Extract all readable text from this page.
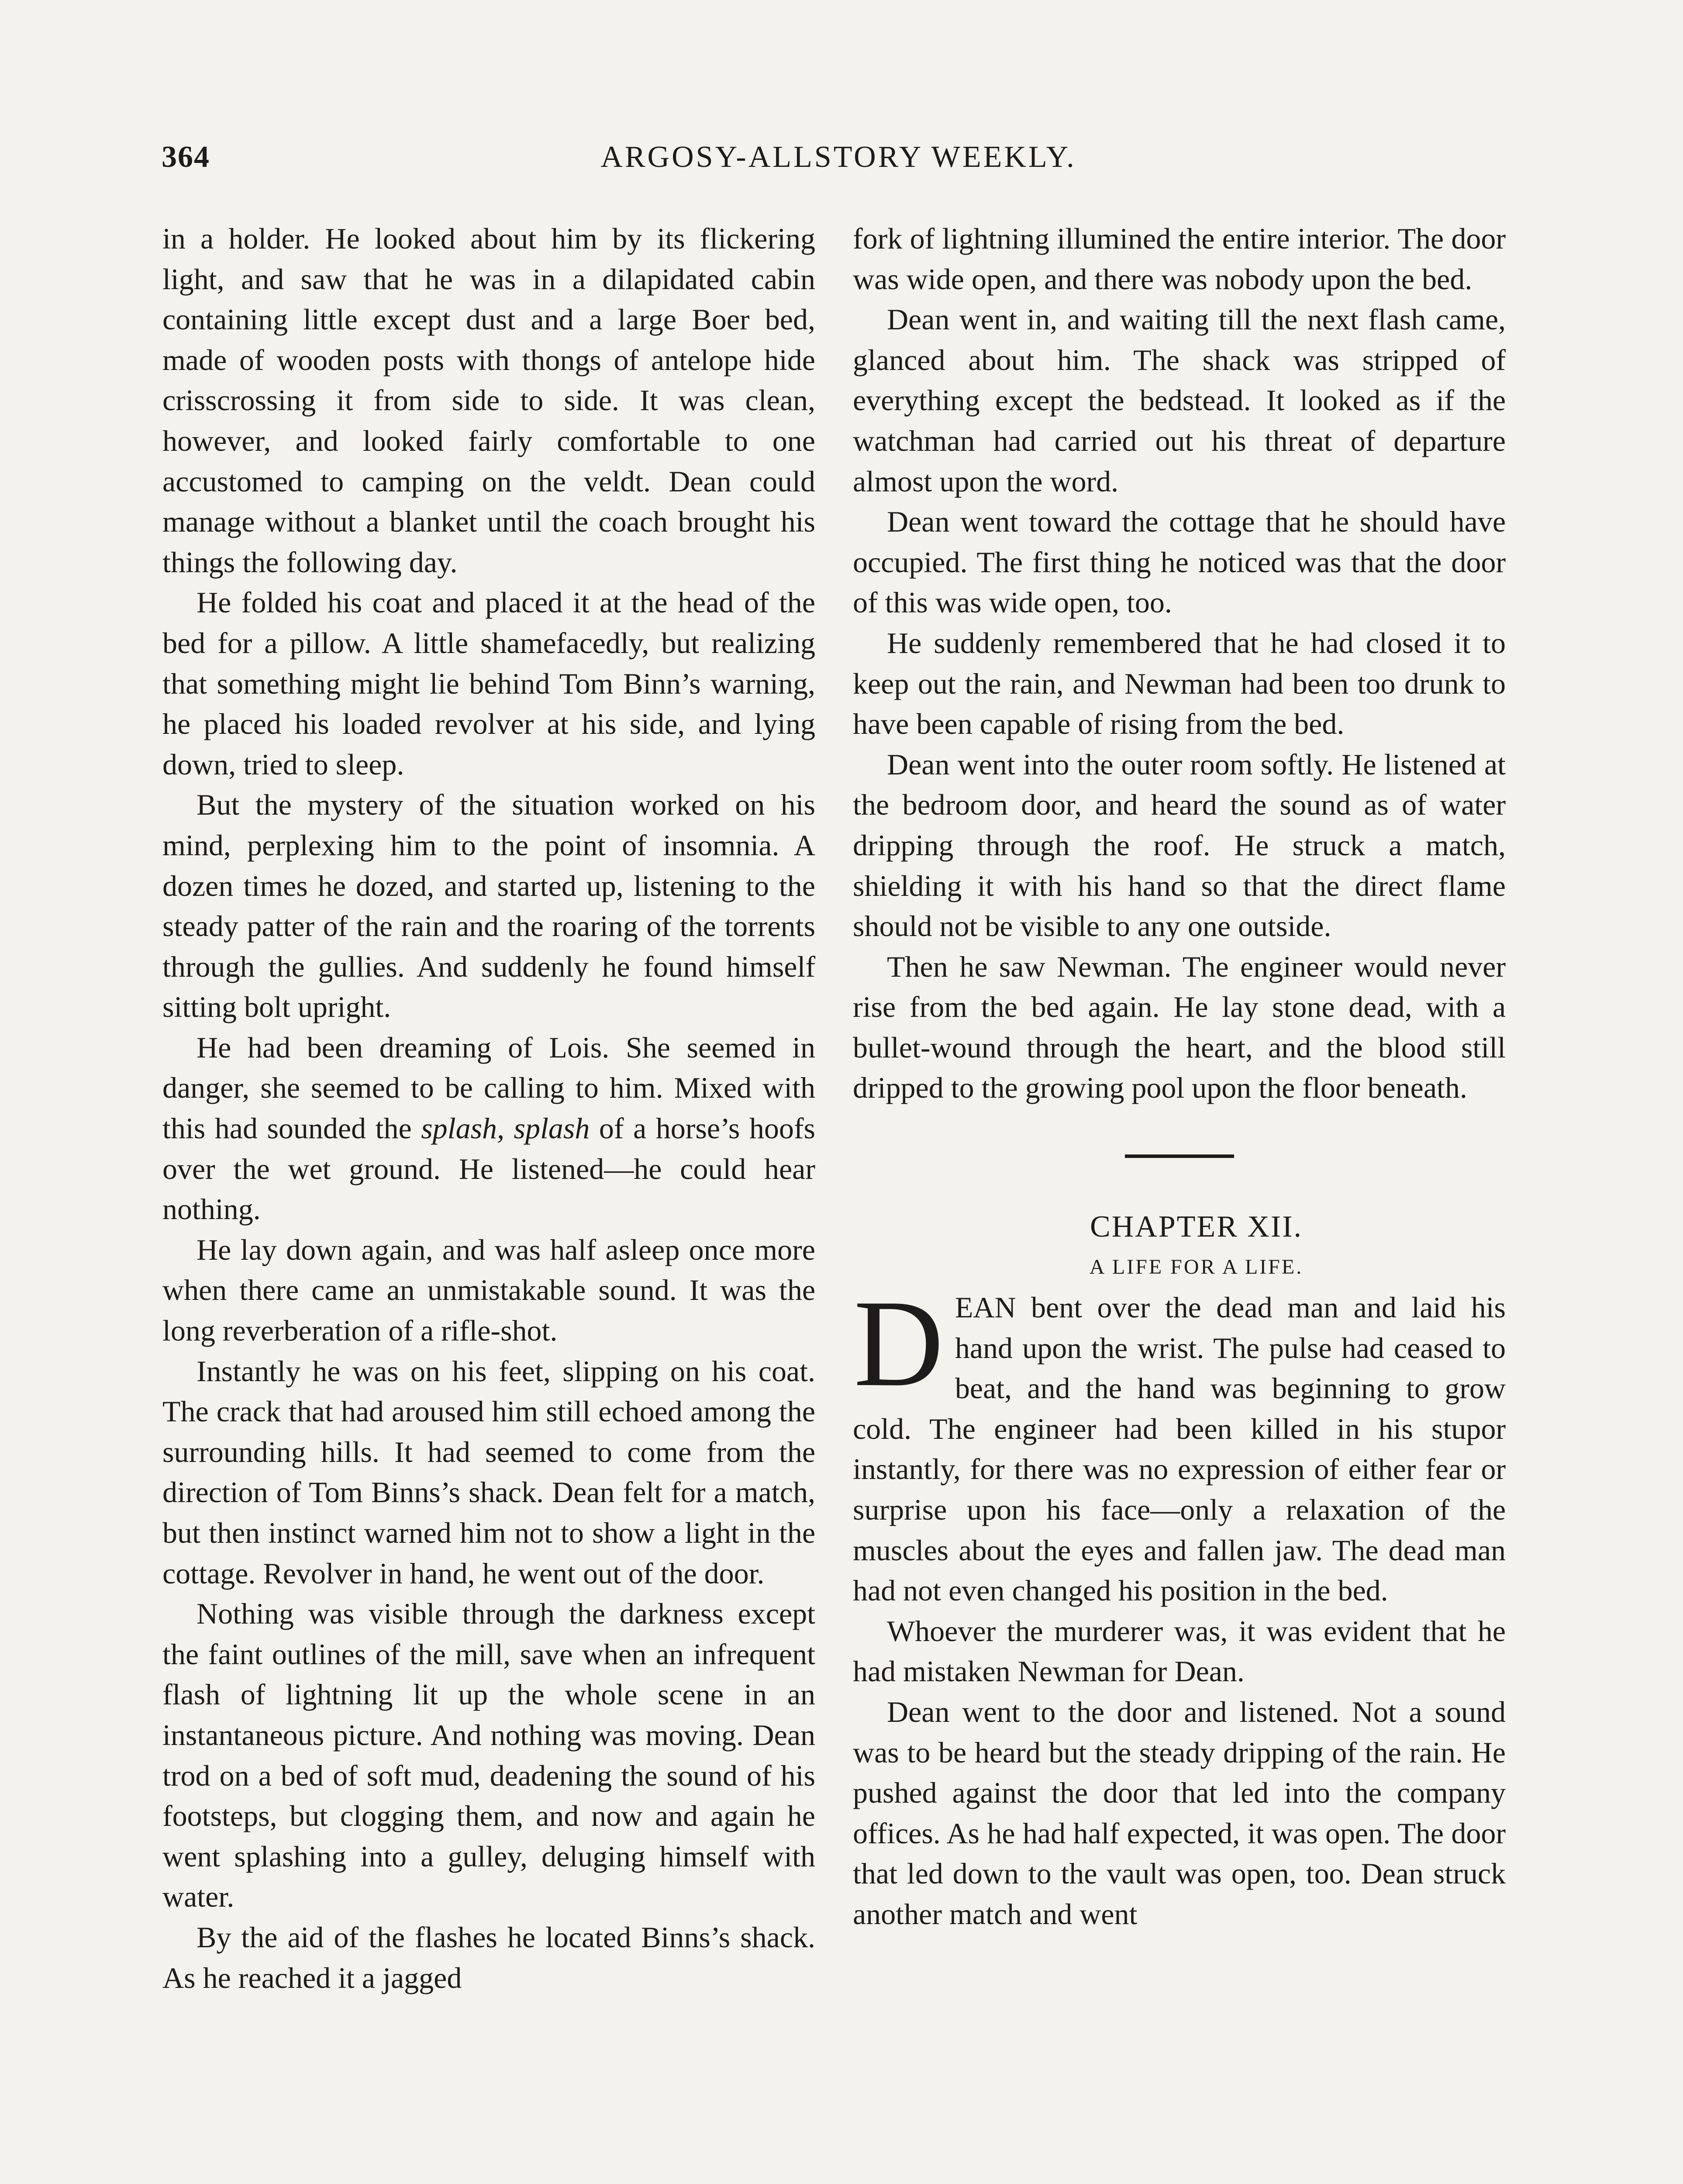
364	ARGOSY-ALLSTORY WEEKLY.

in a holder. He looked about him by its flickering light, and saw that he was in a dilapidated cabin containing little except dust and a large Boer bed, made of wooden posts with thongs of antelope hide crisscrossing it from side to side. It was clean, however, and looked fairly comfortable to one accustomed to camping on the veldt. Dean could manage without a blanket until the coach brought his things the following day.

He folded his coat and placed it at the head of the bed for a pillow. A little shamefacedly, but realizing that something might lie behind Tom Binn’s warning, he placed his loaded revolver at his side, and lying down, tried to sleep.

But the mystery of the situation worked on his mind, perplexing him to the point of insomnia. A dozen times he dozed, and started up, listening to the steady patter of the rain and the roaring of the torrents through the gullies. And suddenly he found himself sitting bolt upright.

He had been dreaming of Lois. She seemed in danger, she seemed to be calling to him. Mixed with this had sounded the splash, splash of a horse’s hoofs over the wet ground. He listened—he could hear nothing.

He lay down again, and was half asleep once more when there came an unmistakable sound. It was the long reverberation of a rifle-shot.

Instantly he was on his feet, slipping on his coat. The crack that had aroused him still echoed among the surrounding hills. It had seemed to come from the direction of Tom Binns’s shack. Dean felt for a match, but then instinct warned him not to show a light in the cottage. Revolver in hand, he went out of the door.

Nothing was visible through the darkness except the faint outlines of the mill, save when an infrequent flash of lightning lit up the whole scene in an instantaneous picture. And nothing was moving. Dean trod on a bed of soft mud, deadening the sound of his footsteps, but clogging them, and now and again he went splashing into a gulley, deluging himself with water.

By the aid of the flashes he located Binns’s shack. As he reached it a jagged

fork of lightning illumined the entire interior. The door was wide open, and there was nobody upon the bed.

Dean went in, and waiting till the next flash came, glanced about him. The shack was stripped of everything except the bedstead. It looked as if the watchman had carried out his threat of departure almost upon the word.

Dean went toward the cottage that he should have occupied. The first thing he noticed was that the door of this was wide open, too.

He suddenly remembered that he had closed it to keep out the rain, and Newman had been too drunk to have been capable of rising from the bed.

Dean went into the outer room softly. He listened at the bedroom door, and heard the sound as of water dripping through the roof. He struck a match, shielding it with his hand so that the direct flame should not be visible to any one outside.

Then he saw Newman. The engineer would never rise from the bed again. He lay stone dead, with a bullet-wound through the heart, and the blood still dripped to the growing pool upon the floor beneath.

CHAPTER XII.

A LIFE FOR A LIFE.

DEAN bent over the dead man and laid his hand upon the wrist. The pulse had ceased to beat, and the hand was beginning to grow cold. The engineer had been killed in his stupor instantly, for there was no expression of either fear or surprise upon his face—only a relaxation of the muscles about the eyes and fallen jaw. The dead man had not even changed his position in the bed.

Whoever the murderer was, it was evident that he had mistaken Newman for Dean.

Dean went to the door and listened. Not a sound was to be heard but the steady dripping of the rain. He pushed against the door that led into the company offices. As he had half expected, it was open. The door that led down to the vault was open, too. Dean struck another match and went
